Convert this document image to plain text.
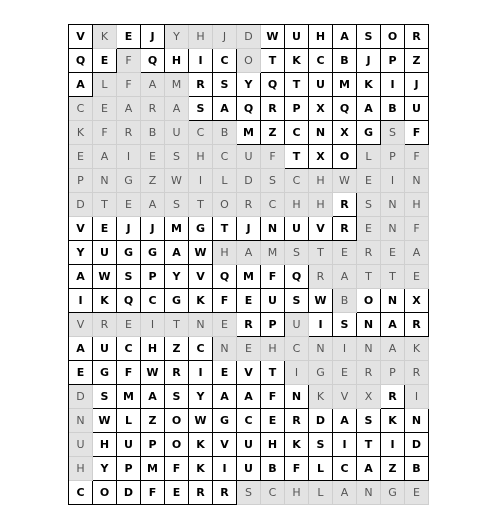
V	K	E	J	Y	H	J	D	W	U	H	A	S	O	R
Q	E	F	Q	H	I	C	O	T	K	C	B	J	P	Z
A	L	F	A	M	R	S	Y	Q	T	U	M	K	I	J
C	E	A	R	A	S	A	Q	R	P	X	Q	A	B	U
K	F	R	B	U	C	B	M	Z	C	N	X	G	S	F
E	A	I	E	S	H	C	U	F	T	X	O	L	P	F
P	N	G	Z	W	I	L	D	S	C	H	W	E	I	N
D	T	E	A	S	T	O	R	C	H	H	R	S	N	H
V	E	J	J	M	G	T	J	N	U	V	R	E	N	F
Y	U	G	G	A	W	H	A	M	S	T	E	R	E	A
A	W	S	P	Y	V	Q	M	F	Q	R	A	T	T	E
I	K	Q	C	G	K	F	E	U	S	W	B	O	N	X
V	R	E	I	T	N	E	R	P	U	I	S	N	A	R
A	U	C	H	Z	C	N	E	H	C	N	I	N	A	K
E	G	F	W	R	I	E	V	T	I	G	E	R	P	R
D	S	M	A	S	Y	A	A	F	N	K	V	X	R	I
N	W	L	Z	O	W	G	C	E	R	D	A	S	K	N
U	H	U	P	O	K	V	U	H	K	S	I	T	I	D
H	Y	P	M	F	K	I	U	B	F	L	C	A	Z	B
C	O	D	F	E	R	R	S	C	H	L	A	N	G	E
